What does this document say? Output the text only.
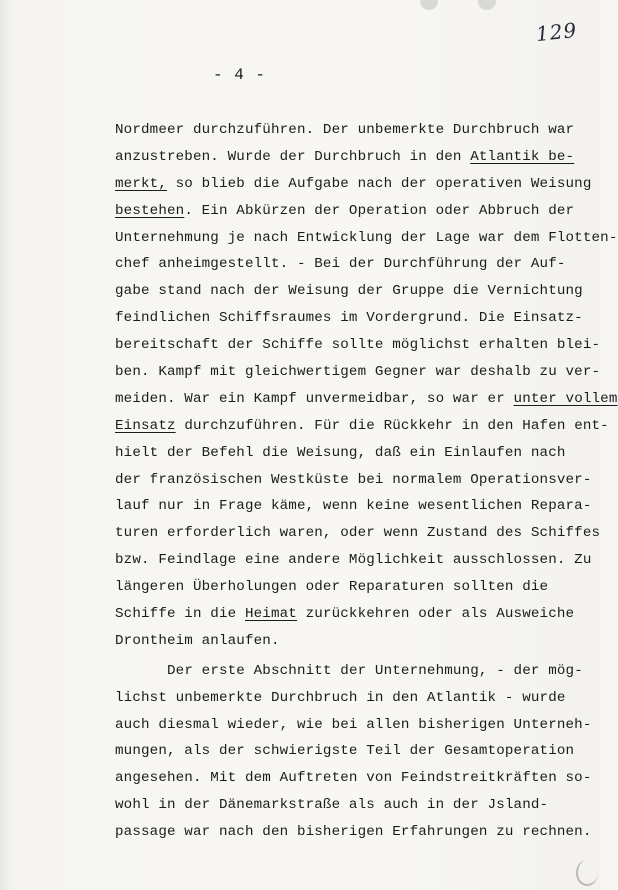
129
- 4 -
Nordmeer durchzuführen. Der unbemerkte Durchbruch war
anzustreben. Wurde der Durchbruch in den Atlantik be-
merkt, so blieb die Aufgabe nach der operativen Weisung
bestehen. Ein Abkürzen der Operation oder Abbruch der
Unternehmung je nach Entwicklung der Lage war dem Flotten-
chef anheimgestellt. - Bei der Durchführung der Auf-
gabe stand nach der Weisung der Gruppe die Vernichtung
feindlichen Schiffsraumes im Vordergrund. Die Einsatz-
bereitschaft der Schiffe sollte möglichst erhalten blei-
ben. Kampf mit gleichwertigem Gegner war deshalb zu ver-
meiden. War ein Kampf unvermeidbar, so war er unter vollem
Einsatz durchzuführen. Für die Rückkehr in den Hafen ent-
hielt der Befehl die Weisung, daß ein Einlaufen nach
der französischen Westküste bei normalem Operationsver-
lauf nur in Frage käme, wenn keine wesentlichen Repara-
turen erforderlich waren, oder wenn Zustand des Schiffes
bzw. Feindlage eine andere Möglichkeit ausschlossen. Zu
längeren Überholungen oder Reparaturen sollten die
Schiffe in die Heimat zurückkehren oder als Ausweiche
Drontheim anlaufen.
Der erste Abschnitt der Unternehmung, - der mög-
lichst unbemerkte Durchbruch in den Atlantik - wurde
auch diesmal wieder, wie bei allen bisherigen Unterneh-
mungen, als der schwierigste Teil der Gesamtoperation
angesehen. Mit dem Auftreten von Feindstreitkräften so-
wohl in der Dänemarkstraße als auch in der Jsland-
passage war nach den bisherigen Erfahrungen zu rechnen.
